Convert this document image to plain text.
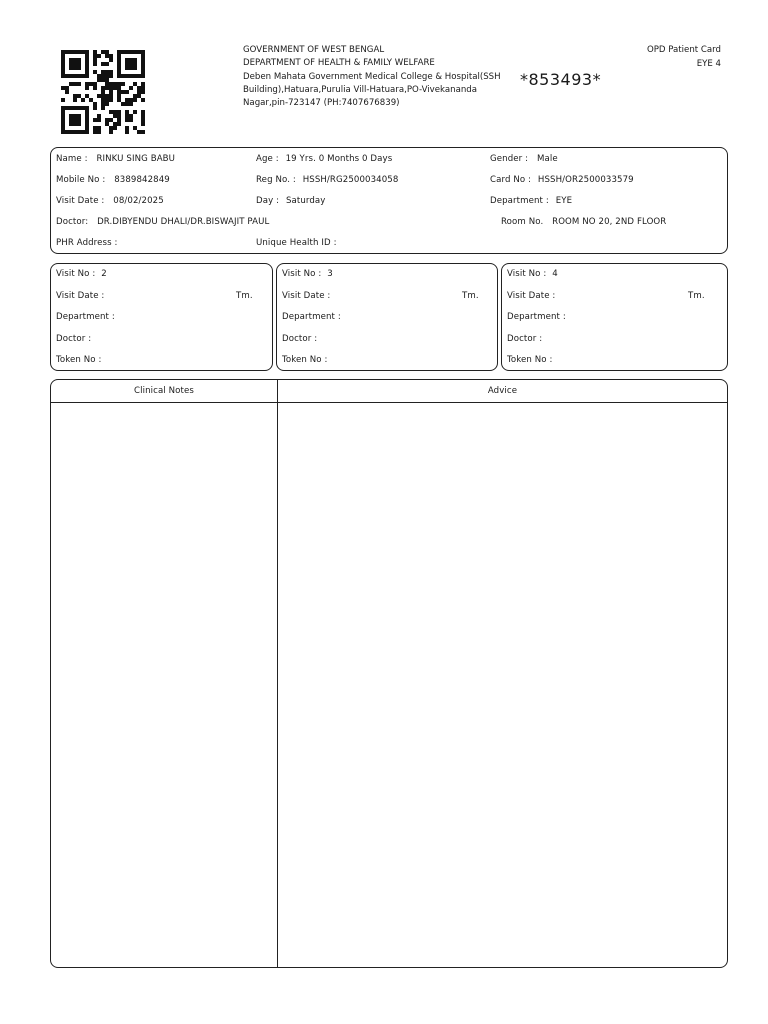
GOVERNMENT OF WEST BENGAL
DEPARTMENT OF HEALTH & FAMILY WELFARE
Deben Mahata Government Medical College & Hospital(SSH
Building),Hatuara,Purulia Vill-Hatuara,PO-Vivekananda
Nagar,pin-723147 (PH:7407676839)
*853493*
OPD Patient Card
EYE 4
Name : RINKU SING BABU	Age : 19 Yrs. 0 Months 0 Days	Gender : Male
Mobile No : 8389842849	Reg No. : HSSH/RG2500034058	Card No : HSSH/OR2500033579
Visit Date : 08/02/2025	Day : Saturday	Department : EYE
Doctor: DR.DIBYENDU DHALI/DR.BISWAJIT PAUL	Room No. ROOM NO 20, 2ND FLOOR
PHR Address :	Unique Health ID :
Visit No : 2
Visit Date :	Tm.
Department :
Doctor :
Token No :
Visit No : 3
Visit Date :	Tm.
Department :
Doctor :
Token No :
Visit No : 4
Visit Date :	Tm.
Department :
Doctor :
Token No :
Clinical Notes	Advice
